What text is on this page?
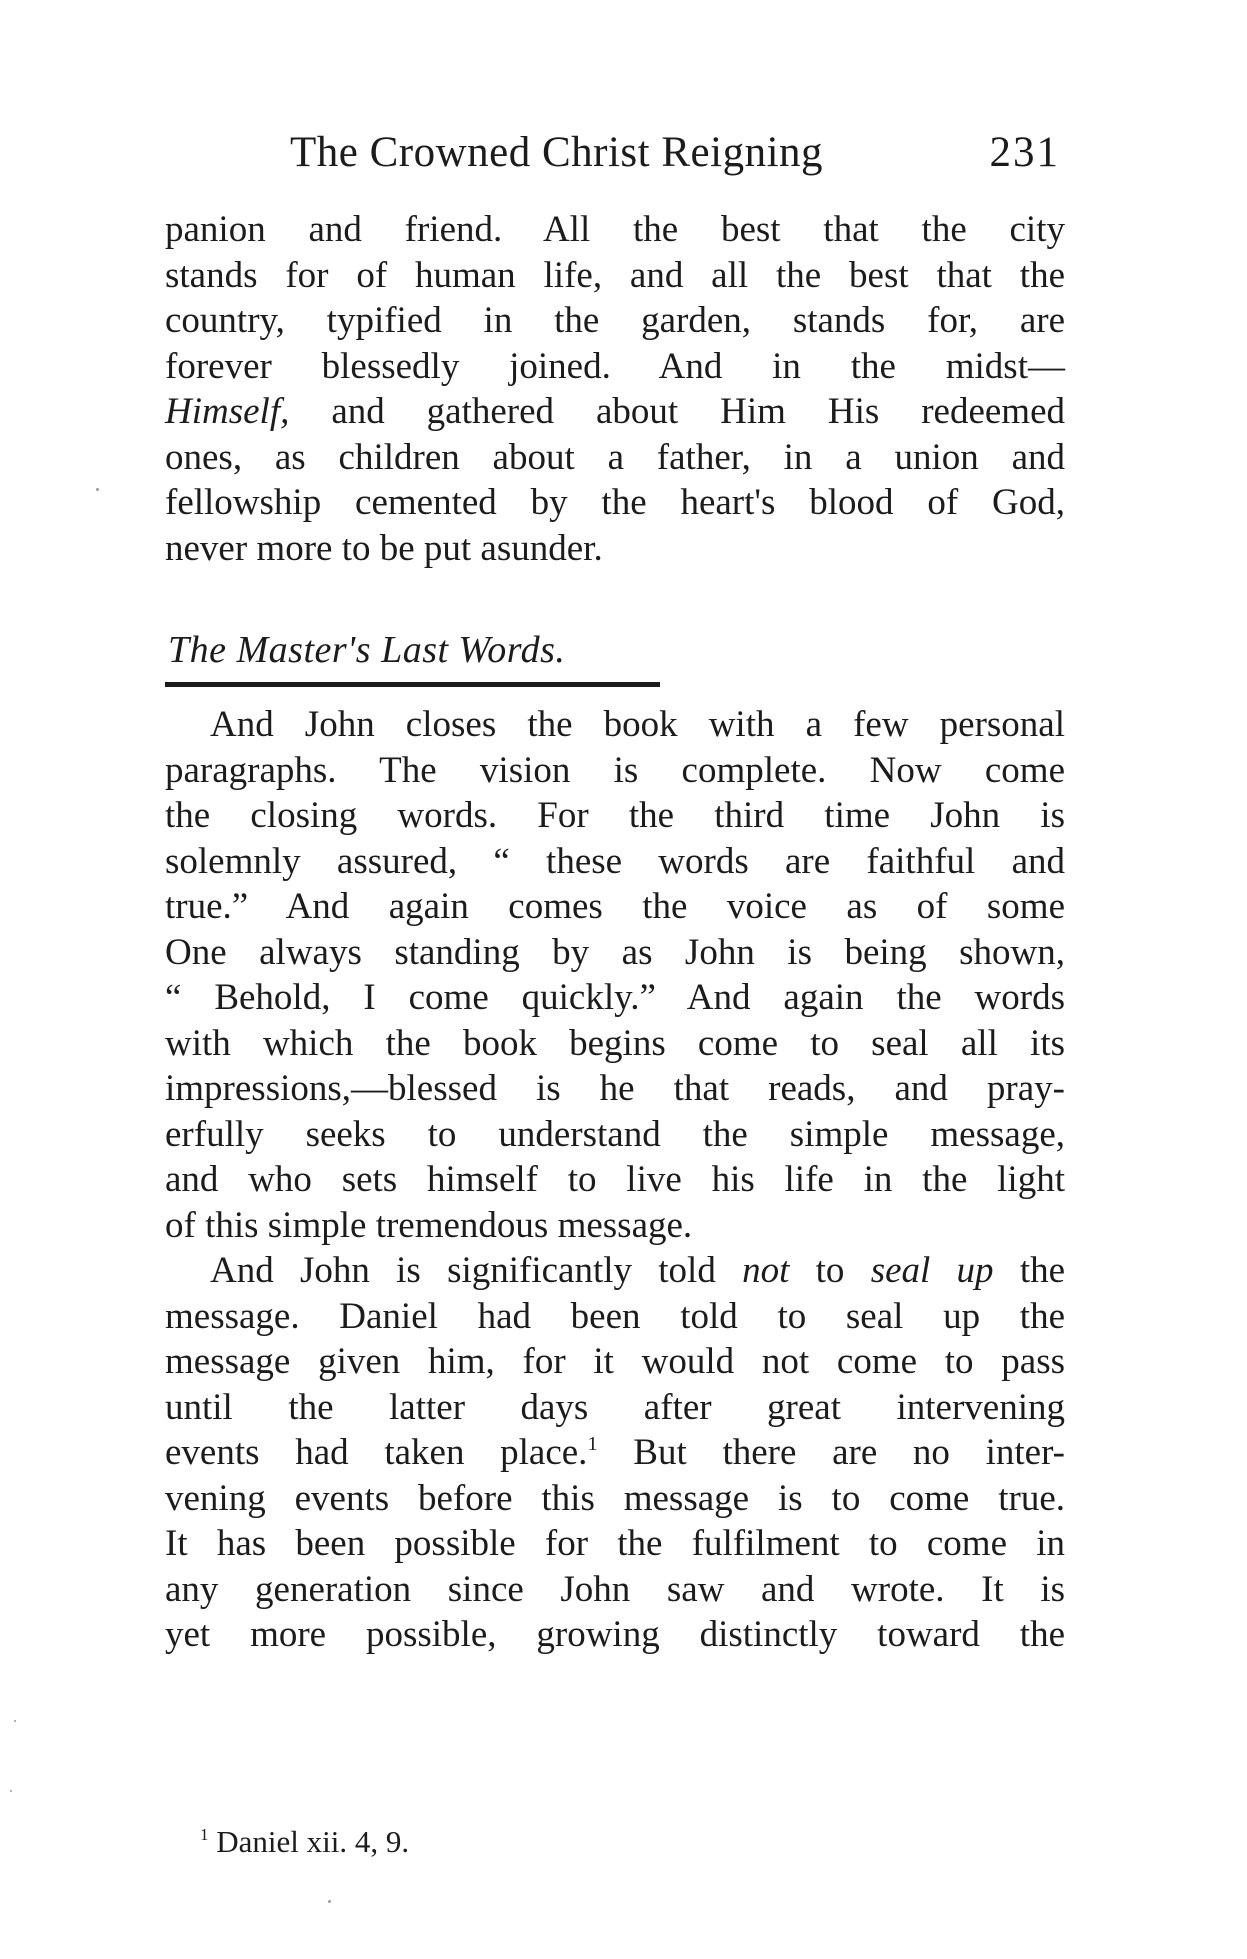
The Crowned Christ Reigning	231
panion and friend. All the best that the city
stands for of human life, and all the best that the
country, typified in the garden, stands for, are
forever blessedly joined. And in the midst—
Himself, and gathered about Him His redeemed
ones, as children about a father, in a union and
fellowship cemented by the heart's blood of God,
never more to be put asunder.
The Master's Last Words.
And John closes the book with a few personal
paragraphs. The vision is complete. Now come
the closing words. For the third time John is
solemnly assured, “ these words are faithful and
true.” And again comes the voice as of some
One always standing by as John is being shown,
“ Behold, I come quickly.” And again the words
with which the book begins come to seal all its
impressions,—blessed is he that reads, and pray-
erfully seeks to understand the simple message,
and who sets himself to live his life in the light
of this simple tremendous message.
And John is significantly told not to seal up the
message. Daniel had been told to seal up the
message given him, for it would not come to pass
until the latter days after great intervening
events had taken place.$^1$ But there are no inter-
vening events before this message is to come true.
It has been possible for the fulfilment to come in
any generation since John saw and wrote. It is
yet more possible, growing distinctly toward the
$^1$ Daniel xii. 4, 9.
